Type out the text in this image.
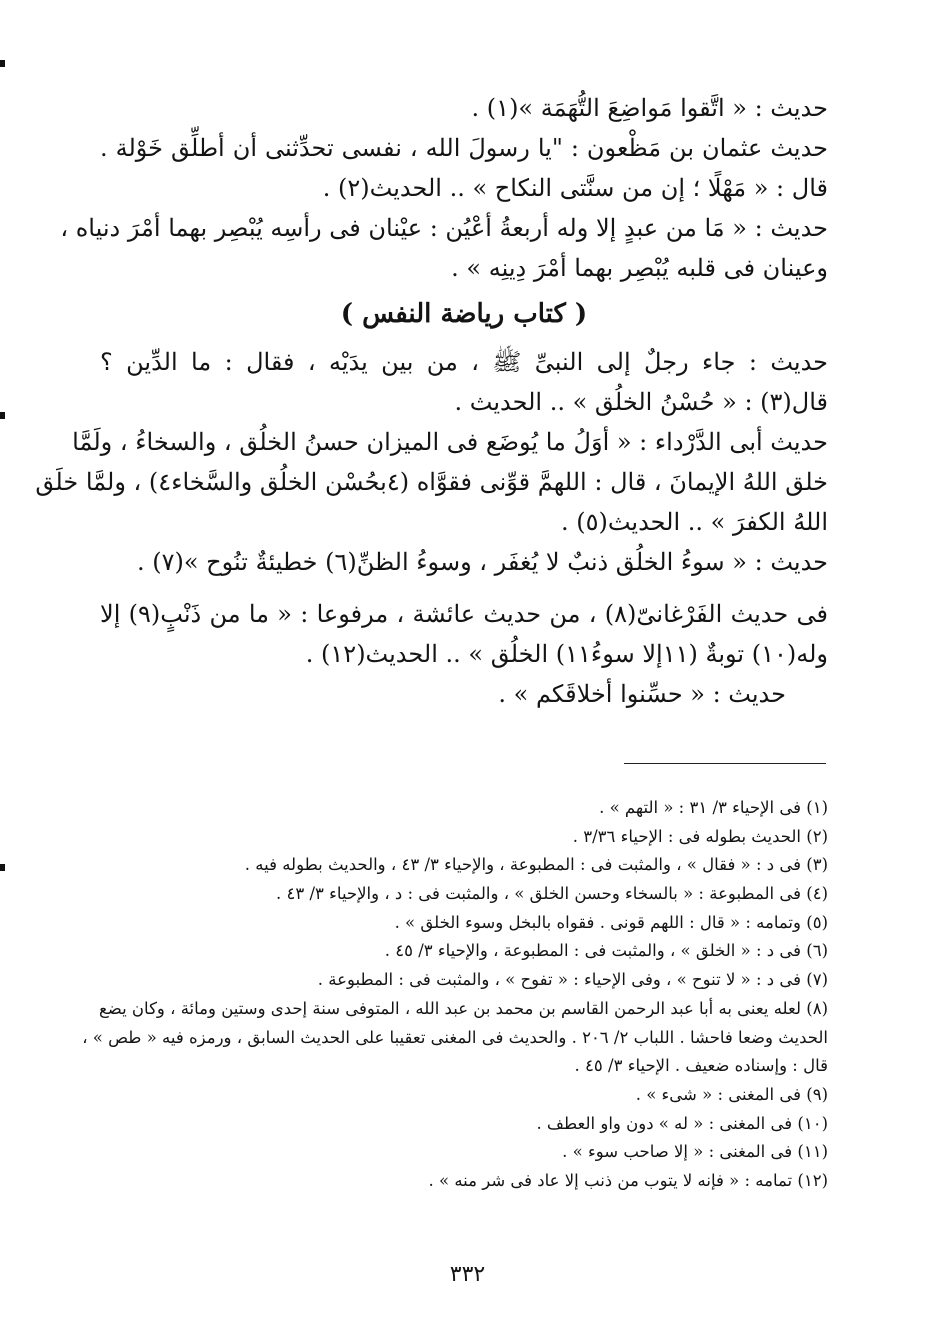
حديث : « اتَّقوا مَواضِعَ التُّهَمَة »(١) .
حديث عثمان بن مَظْعون : "يا رسولَ الله ، نفسى تحدِّثنى أن أطلِّق خَوْلة .
قال : « مَهْلًا ؛ إن من سنَّتى النكاح » .. الحديث(٢) .
حديث : « مَا من عبدٍ إلا وله أربعةُ أعْيُن : عيْنان فى رأسِه يُبْصِر بهما أمْرَ دنياه ،
وعينان فى قلبه يُبْصِر بهما أمْرَ دِينِه » .
( كتاب رياضة النفس )
حديث : جاء رجلٌ إلى النبىِّ ﷺ ، من بين يدَيْه ، فقال : ما الدِّين ؟
قال(٣) : « حُسْنُ الخلُق » .. الحديث .
حديث أبى الدَّرْداء : « أوَلُ ما يُوضَع فى الميزان حسنُ الخلُق ، والسخاءُ ، ولَمَّا
خلق اللهُ الإيمانَ ، قال : اللهمَّ قوِّنى فقوَّاه (٤بحُسْن الخلُق والسَّخاء٤) ، ولمَّا خلَق
اللهُ الكفرَ » .. الحديث(٥) .
حديث : « سوءُ الخلُق ذنبٌ لا يُغفَر ، وسوءُ الظنِّ(٦) خطيئةٌ تنُوح »(٧) .
فى حديث الفَرْغانىّ(٨) ، من حديث عائشة ، مرفوعا : « ما من ذَنْبٍ(٩) إلا
وله(١٠) توبةٌ (١١إلا سوءُ١١) الخلُق » .. الحديث(١٢) .
حديث : « حسِّنوا أخلاقَكم » .
(١) فى الإحياء ٣/ ٣١ : « التهم » .
(٢) الحديث بطوله فى : الإحياء ٣/٣٦ .
(٣) فى د : « فقال » ، والمثبت فى : المطبوعة ، والإحياء ٣/ ٤٣ ، والحديث بطوله فيه .
(٤) فى المطبوعة : « بالسخاء وحسن الخلق » ، والمثبت فى : د ، والإحياء ٣/ ٤٣ .
(٥) وتمامه : « قال : اللهم قونى . فقواه بالبخل وسوء الخلق » .
(٦) فى د : « الخلق » ، والمثبت فى : المطبوعة ، والإحياء ٣/ ٤٥ .
(٧) فى د : « لا تنوح » ، وفى الإحياء : « تفوح » ، والمثبت فى : المطبوعة .
(٨) لعله يعنى به أبا عبد الرحمن القاسم بن محمد بن عبد الله ، المتوفى سنة إحدى وستين ومائة ، وكان يضع
الحديث وضعا فاحشا . اللباب ٢/ ٢٠٦ . والحديث فى المغنى تعقيبا على الحديث السابق ، ورمزه فيه « طص » ،
قال : وإسناده ضعيف . الإحياء ٣/ ٤٥ .
(٩) فى المغنى : « شىء » .
(١٠) فى المغنى : « له » دون واو العطف .
(١١) فى المغنى : « إلا صاحب سوء » .
(١٢) تمامه : « فإنه لا يتوب من ذنب إلا عاد فى شر منه » .
٣٣٢
